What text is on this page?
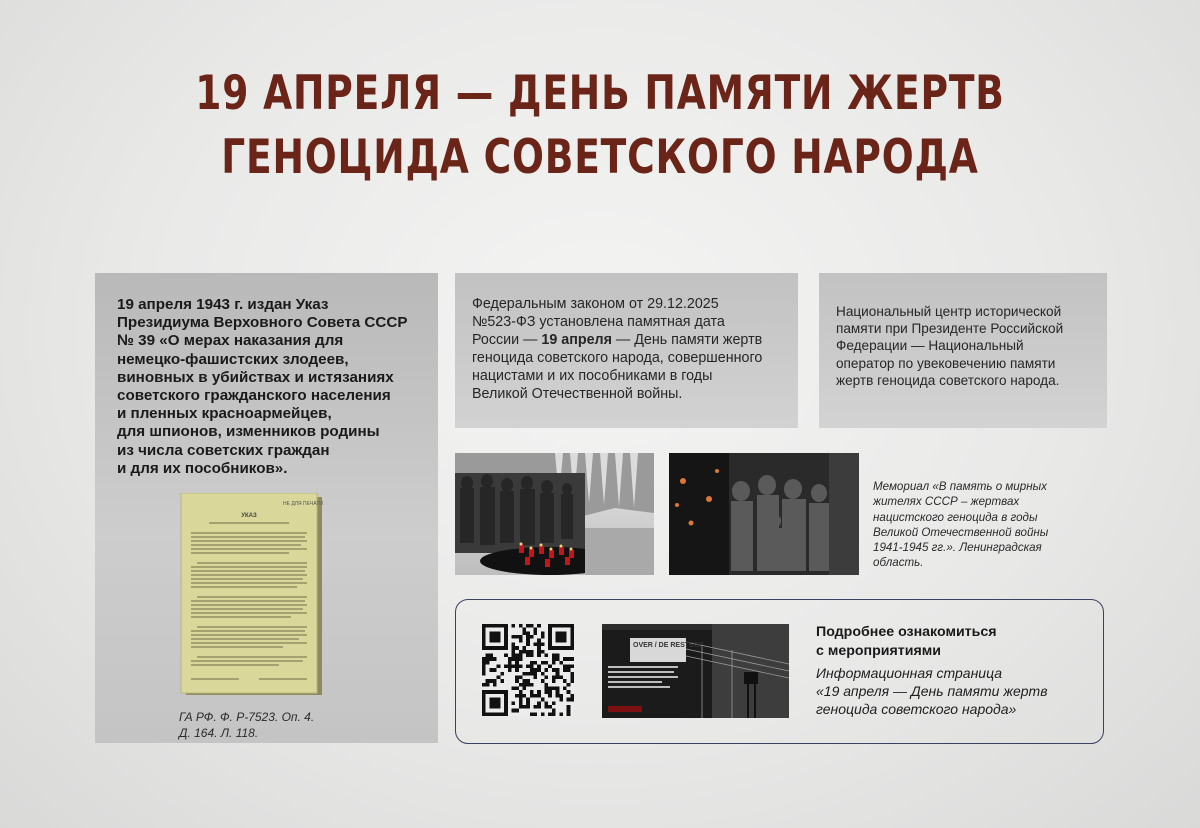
19 АПРЕЛЯ — ДЕНЬ ПАМЯТИ ЖЕРТВ
ГЕНОЦИДА СОВЕТСКОГО НАРОДА
19 апреля 1943 г. издан Указ
Президиума Верховного Совета СССР
№ 39 «О мерах наказания для
немецко-фашистских злодеев,
виновных в убийствах и истязаниях
советского гражданского населения
и пленных красноармейцев,
для шпионов, изменников родины
из числа советских граждан
и для их пособников».
НЕ ДЛЯ ПЕЧАТИ
УКАЗ
ГА РФ. Ф. Р-7523. Оп. 4.
Д. 164. Л. 118.
Федеральным законом от 29.12.2025
№523-ФЗ установлена памятная дата
России — 19 апреля — День памяти жертв
геноцида советского народа, совершенного
нацистами и их пособниками в годы
Великой Отечественной войны.
Национальный центр исторической
памяти при Президенте Российской
Федерации — Национальный
оператор по увековечению памяти
жертв геноцида советского народа.
Мемориал «В память о мирных
жителях СССР – жертвах
нацистского геноцида в годы
Великой Отечественной войны
1941-1945 гг.». Ленинградская
область.
OVER / DE RESTEGE
Подробнее ознакомиться
с мероприятиями
Информационная страница
«19 апреля — День памяти жертв
геноцида советского народа»
